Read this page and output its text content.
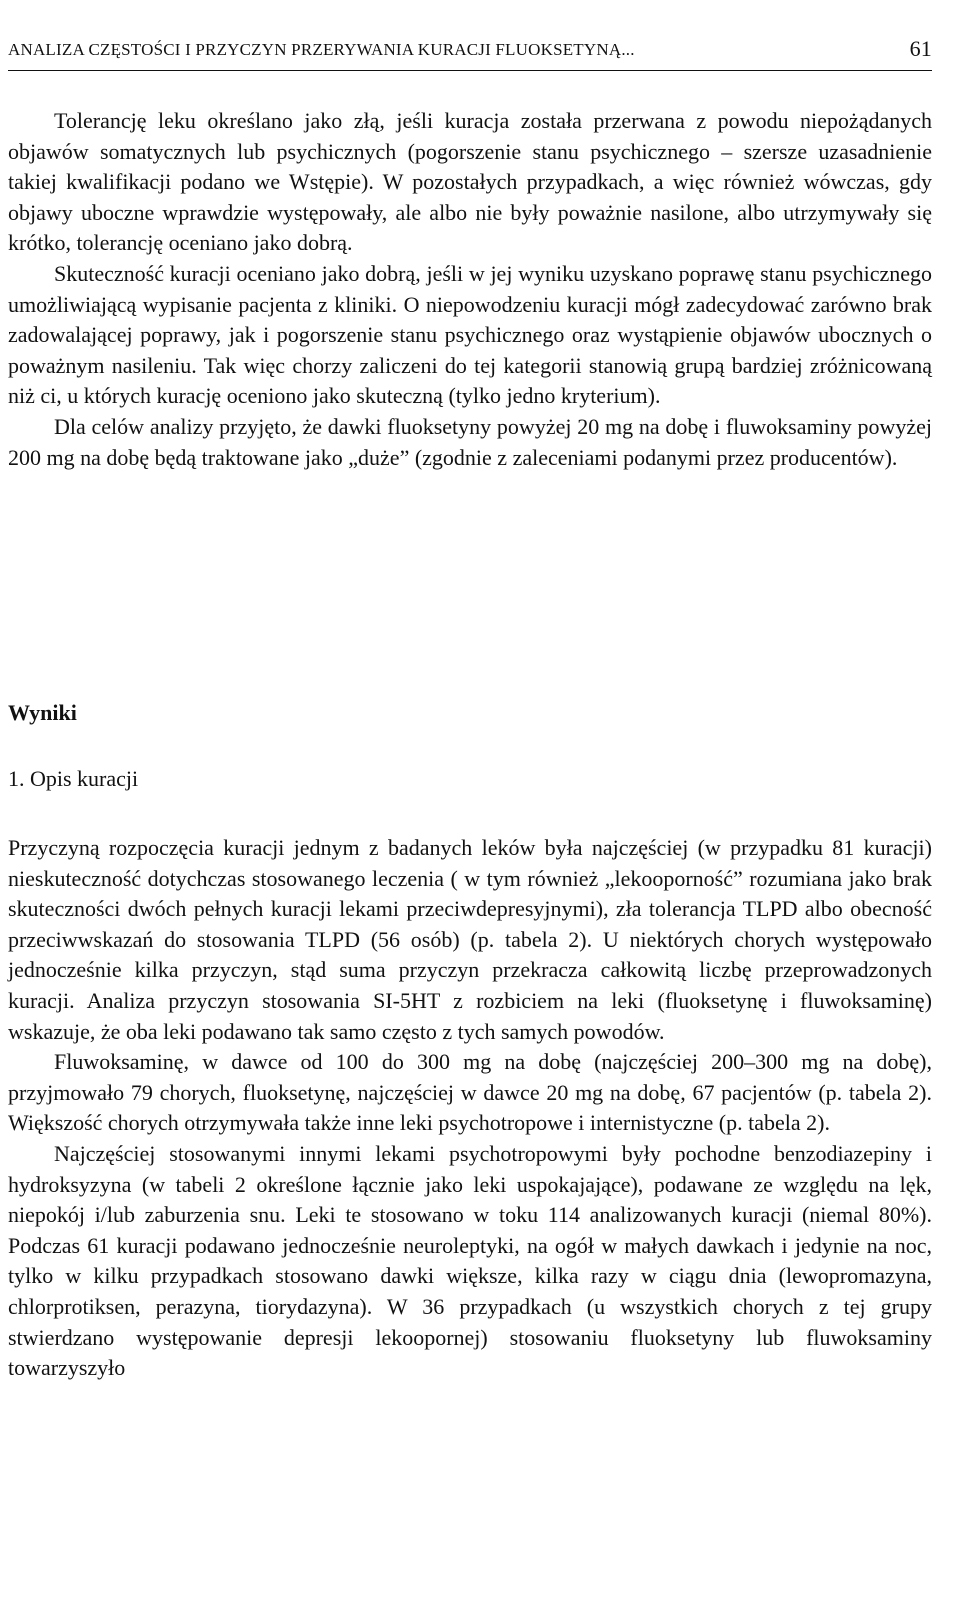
ANALIZA CZĘSTOŚCI I PRZYCZYN PRZERYWANIA KURACJI FLUOKSETYNĄ...	61

Tolerancję leku określano jako złą, jeśli kuracja została przerwana z powodu niepożądanych objawów somatycznych lub psychicznych (pogorszenie stanu psychicznego – szersze uzasadnienie takiej kwalifikacji podano we Wstępie). W pozostałych przypadkach, a więc również wówczas, gdy objawy uboczne wprawdzie występowały, ale albo nie były poważnie nasilone, albo utrzymywały się krótko, tolerancję oceniano jako dobrą.

Skuteczność kuracji oceniano jako dobrą, jeśli w jej wyniku uzyskano poprawę stanu psychicznego umożliwiającą wypisanie pacjenta z kliniki. O niepowodzeniu kuracji mógł zadecydować zarówno brak zadowalającej poprawy, jak i pogorszenie stanu psychicznego oraz wystąpienie objawów ubocznych o poważnym nasileniu. Tak więc chorzy zaliczeni do tej kategorii stanowią grupą bardziej zróżnicowaną niż ci, u których kurację oceniono jako skuteczną (tylko jedno kryterium).

Dla celów analizy przyjęto, że dawki fluoksetyny powyżej 20 mg na dobę i fluwoksaminy powyżej 200 mg na dobę będą traktowane jako „duże” (zgodnie z zaleceniami podanymi przez producentów).

Wyniki
1. Opis kuracji

Przyczyną rozpoczęcia kuracji jednym z badanych leków była najczęściej (w przypadku 81 kuracji) nieskuteczność dotychczas stosowanego leczenia ( w tym również „lekooporność” rozumiana jako brak skuteczności dwóch pełnych kuracji lekami przeciwdepresyjnymi), zła tolerancja TLPD albo obecność przeciwwskazań do stosowania TLPD (56 osób) (p. tabela 2). U niektórych chorych występowało jednocześnie kilka przyczyn, stąd suma przyczyn przekracza całkowitą liczbę przeprowadzonych kuracji. Analiza przyczyn stosowania SI-5HT z rozbiciem na leki (fluoksetynę i fluwoksaminę) wskazuje, że oba leki podawano tak samo często z tych samych powodów.

Fluwoksaminę, w dawce od 100 do 300 mg na dobę (najczęściej 200–300 mg na dobę), przyjmowało 79 chorych, fluoksetynę, najczęściej w dawce 20 mg na dobę, 67 pacjentów (p. tabela 2). Większość chorych otrzymywała także inne leki psychotropowe i internistyczne (p. tabela 2).

Najczęściej stosowanymi innymi lekami psychotropowymi były pochodne benzodiazepiny i hydroksyzyna (w tabeli 2 określone łącznie jako leki uspokajające), podawane ze względu na lęk, niepokój i/lub zaburzenia snu. Leki te stosowano w toku 114 analizowanych kuracji (niemal 80%). Podczas 61 kuracji podawano jednocześnie neuroleptyki, na ogół w małych dawkach i jedynie na noc, tylko w kilku przypadkach stosowano dawki większe, kilka razy w ciągu dnia (lewopromazyna, chlorprotiksen, perazyna, tiorydazyna). W 36 przypadkach (u wszystkich chorych z tej grupy stwierdzano występowanie depresji lekoopornej) stosowaniu fluoksetyny lub fluwoksaminy towarzyszyło
